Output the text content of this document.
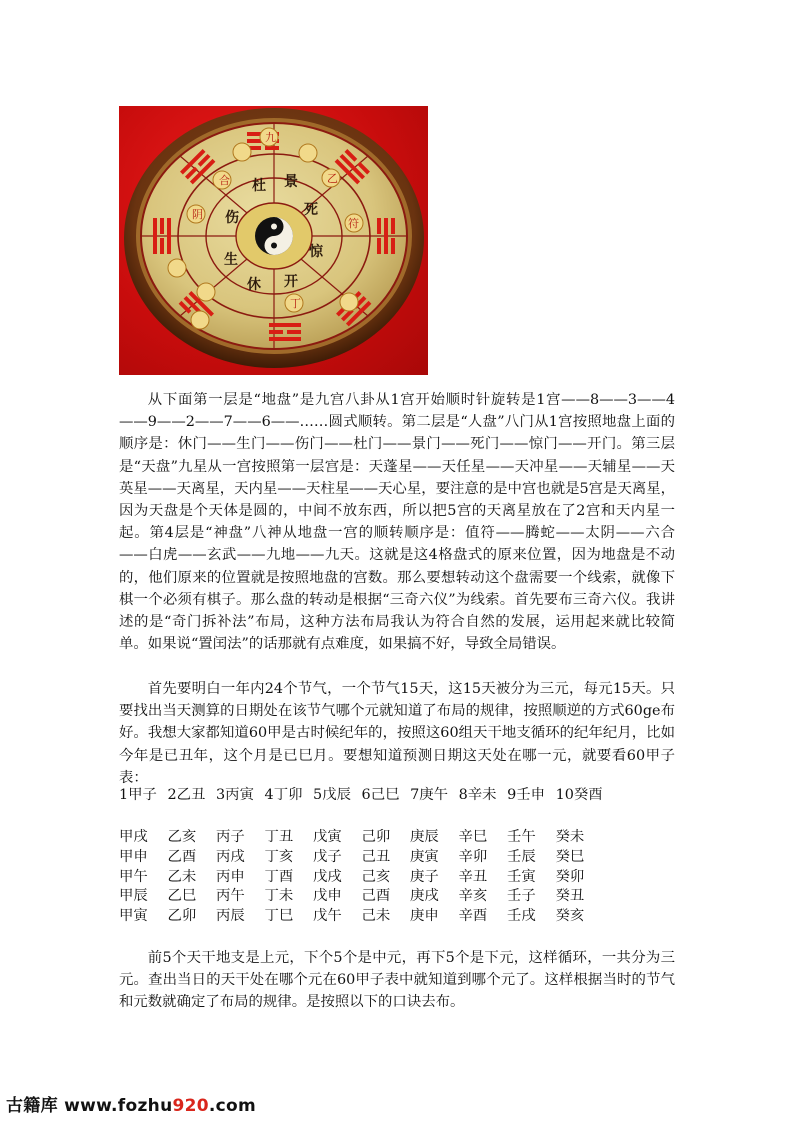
杜 景
死
惊
开
休
生
伤
九
合
阴
符
乙
丁

从下面第一层是“地盘”是九宫八卦从1宫开始顺时针旋转是1宫——8——3——4——9——2——7——6——……圆式顺转。第二层是“人盘”八门从1宫按照地盘上面的顺序是：休门——生门——伤门——杜门——景门——死门——惊门——开门。第三层是“天盘”九星从一宫按照第一层宫是：天蓬星——天任星——天冲星——天辅星——天英星——天离星，天内星——天柱星——天心星，要注意的是中宫也就是5宫是天离星，因为天盘是个天体是圆的，中间不放东西，所以把5宫的天离星放在了2宫和天内星一起。第4层是“神盘”八神从地盘一宫的顺转顺序是：值符——腾蛇——太阴——六合——白虎——玄武——九地——九天。这就是这4格盘式的原来位置，因为地盘是不动的，他们原来的位置就是按照地盘的宫数。那么要想转动这个盘需要一个线索，就像下棋一个必须有棋子。那么盘的转动是根据“三奇六仪”为线索。首先要布三奇六仪。我讲述的是“奇门拆补法”布局，这种方法布局我认为符合自然的发展，运用起来就比较简单。如果说“置闰法”的话那就有点难度，如果搞不好，导致全局错误。

首先要明白一年内24个节气，一个节气15天，这15天被分为三元，每元15天。只要找出当天测算的日期处在该节气哪个元就知道了布局的规律，按照顺逆的方式60ge布好。我想大家都知道60甲是古时候纪年的，按照这60组天干地支循环的纪年纪月，比如今年是已丑年，这个月是已巳月。要想知道预测日期这天处在哪一元，就要看60甲子表：

1甲子 2乙丑 3丙寅 4丁卯 5戊辰 6己巳 7庚午 8辛未 9壬申 10癸酉
甲戌	乙亥	丙子	丁丑	戊寅	己卯	庚辰	辛巳	壬午	癸未
甲申	乙酉	丙戌	丁亥	戊子	己丑	庚寅	辛卯	壬辰	癸巳
甲午	乙未	丙申	丁酉	戊戌	己亥	庚子	辛丑	壬寅	癸卯
甲辰	乙巳	丙午	丁未	戊申	己酉	庚戌	辛亥	壬子	癸丑
甲寅	乙卯	丙辰	丁巳	戊午	己未	庚申	辛酉	壬戌	癸亥

前5个天干地支是上元，下个5个是中元，再下5个是下元，这样循环，一共分为三元。查出当日的天干处在哪个元在60甲子表中就知道到哪个元了。这样根据当时的节气和元数就确定了布局的规律。是按照以下的口诀去布。

古籍库 www.fozhu920.com
